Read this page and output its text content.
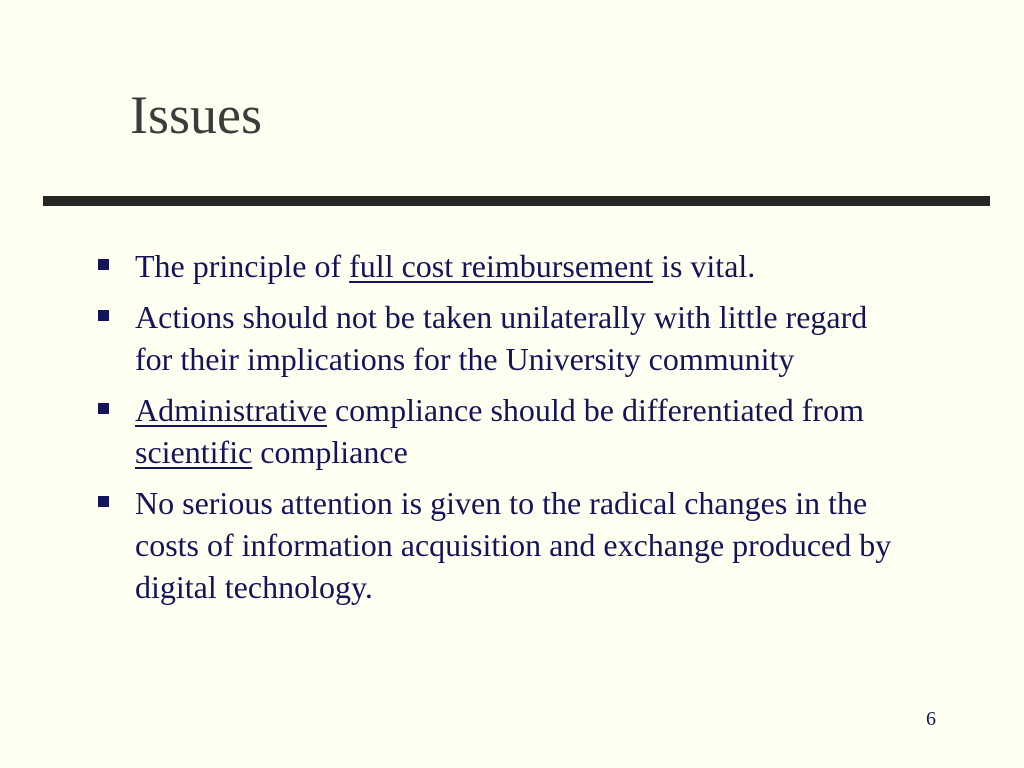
Issues
The principle of full cost reimbursement is vital.
Actions should not be taken unilaterally with little regard for their implications for the University community
Administrative compliance should be differentiated from scientific compliance
No serious attention is given to the radical changes in the costs of information acquisition and exchange produced by digital technology.
6
